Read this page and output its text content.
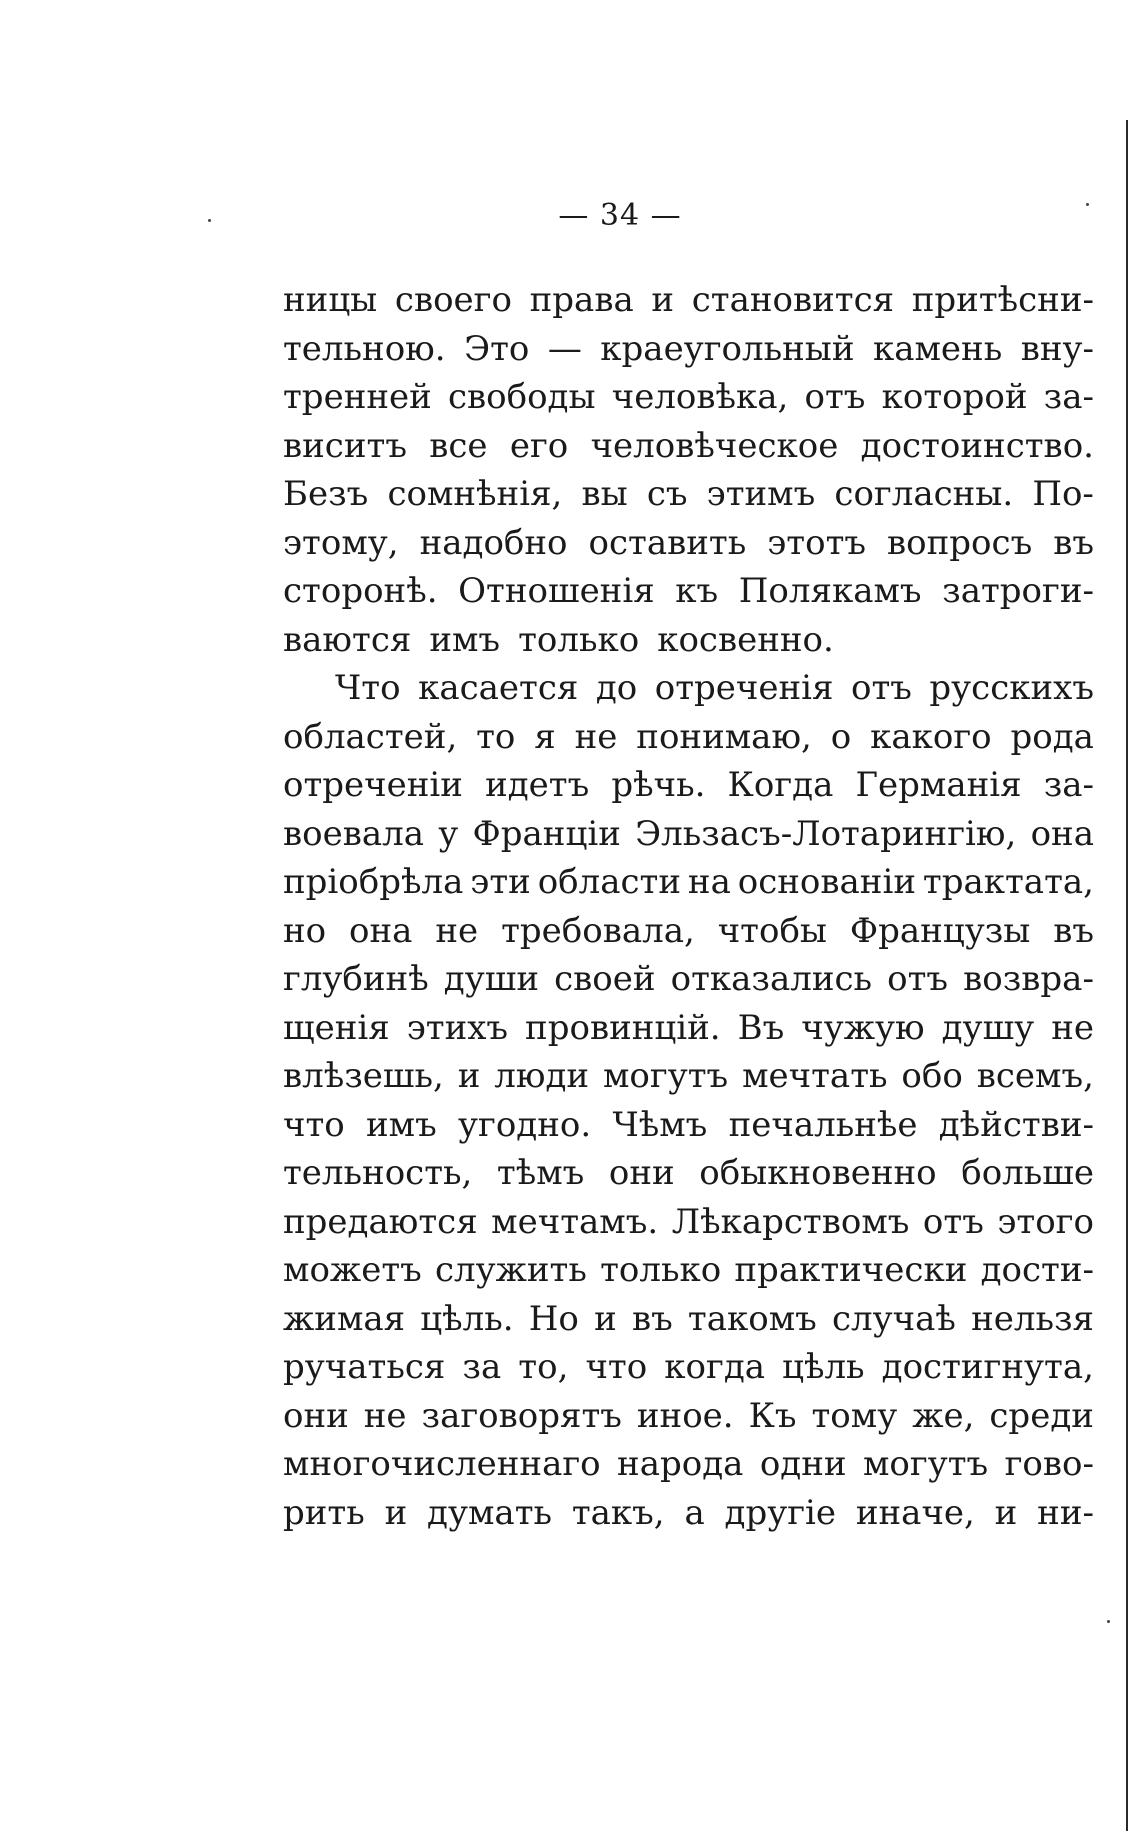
— 34 —
ницы своего права и становится притѣсни-
тельною. Это — краеугольный камень вну-
тренней свободы человѣка, отъ которой за-
виситъ все его человѣческое достоинство.
Безъ сомнѣнія, вы съ этимъ согласны. По-
этому, надобно оставить этотъ вопросъ въ
сторонѣ. Отношенія къ Полякамъ затроги-
ваются имъ только косвенно.
Что касается до отреченія отъ русскихъ
областей, то я не понимаю, о какого рода
отреченіи идетъ рѣчь. Когда Германія за-
воевала у Франціи Эльзасъ-Лотарингію, она
пріобрѣла эти области на основаніи трактата,
но она не требовала, чтобы Французы въ
глубинѣ души своей отказались отъ возвра-
щенія этихъ провинцій. Въ чужую душу не
влѣзешь, и люди могутъ мечтать обо всемъ,
что имъ угодно. Чѣмъ печальнѣе дѣйстви-
тельность, тѣмъ они обыкновенно больше
предаются мечтамъ. Лѣкарствомъ отъ этого
можетъ служить только практически дости-
жимая цѣль. Но и въ такомъ случаѣ нельзя
ручаться за то, что когда цѣль достигнута,
они не заговорятъ иное. Къ тому же, среди
многочисленнаго народа одни могутъ гово-
рить и думать такъ, а другіе иначе, и ни-
